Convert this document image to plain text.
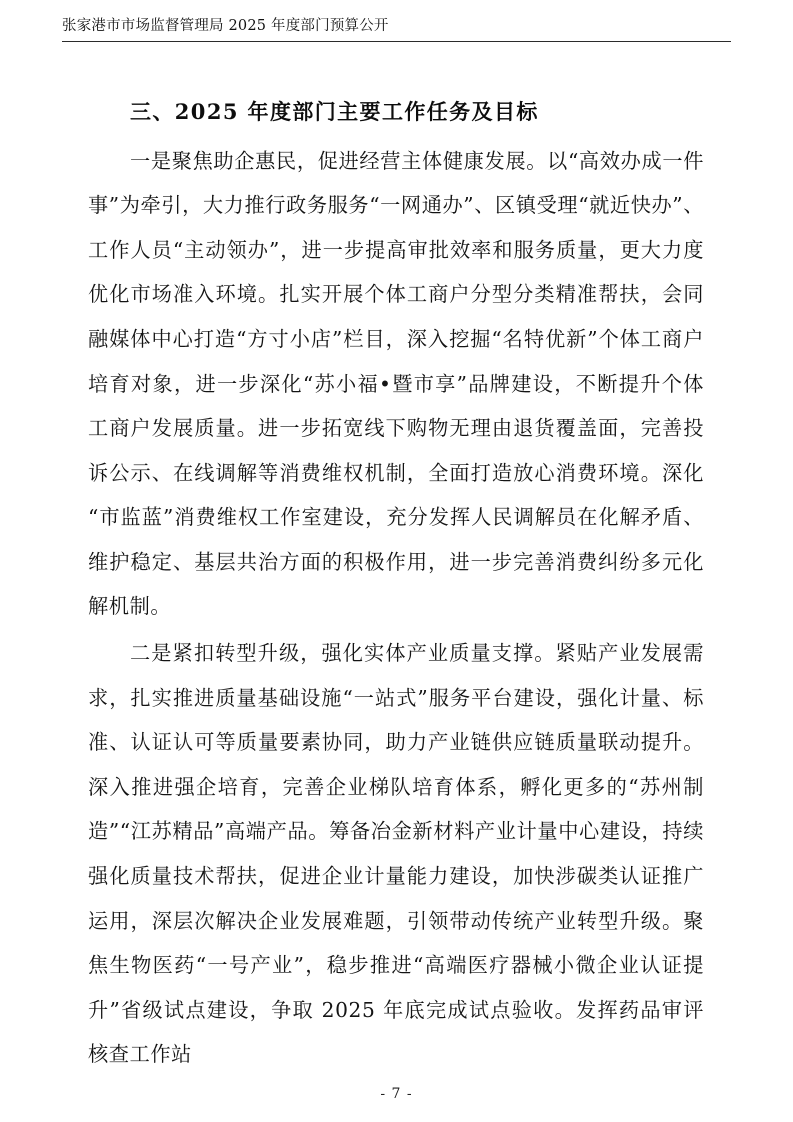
张家港市市场监督管理局 2025 年度部门预算公开
三、2025 年度部门主要工作任务及目标

一是聚焦助企惠民，促进经营主体健康发展。以“高效办成一件事”为牵引，大力推行政务服务“一网通办”、区镇受理“就近快办”、工作人员“主动领办”，进一步提高审批效率和服务质量，更大力度优化市场准入环境。扎实开展个体工商户分型分类精准帮扶，会同融媒体中心打造“方寸小店”栏目，深入挖掘“名特优新”个体工商户培育对象，进一步深化“苏小福•暨市享”品牌建设，不断提升个体工商户发展质量。进一步拓宽线下购物无理由退货覆盖面，完善投诉公示、在线调解等消费维权机制，全面打造放心消费环境。深化“市监蓝”消费维权工作室建设，充分发挥人民调解员在化解矛盾、维护稳定、基层共治方面的积极作用，进一步完善消费纠纷多元化解机制。

二是紧扣转型升级，强化实体产业质量支撑。紧贴产业发展需求，扎实推进质量基础设施“一站式”服务平台建设，强化计量、标准、认证认可等质量要素协同，助力产业链供应链质量联动提升。深入推进强企培育，完善企业梯队培育体系，孵化更多的“苏州制造”“江苏精品”高端产品。筹备冶金新材料产业计量中心建设，持续强化质量技术帮扶，促进企业计量能力建设，加快涉碳类认证推广运用，深层次解决企业发展难题，引领带动传统产业转型升级。聚焦生物医药“一号产业”，稳步推进“高端医疗器械小微企业认证提升”省级试点建设，争取 2025 年底完成试点验收。发挥药品审评核查工作站

- 7 -
